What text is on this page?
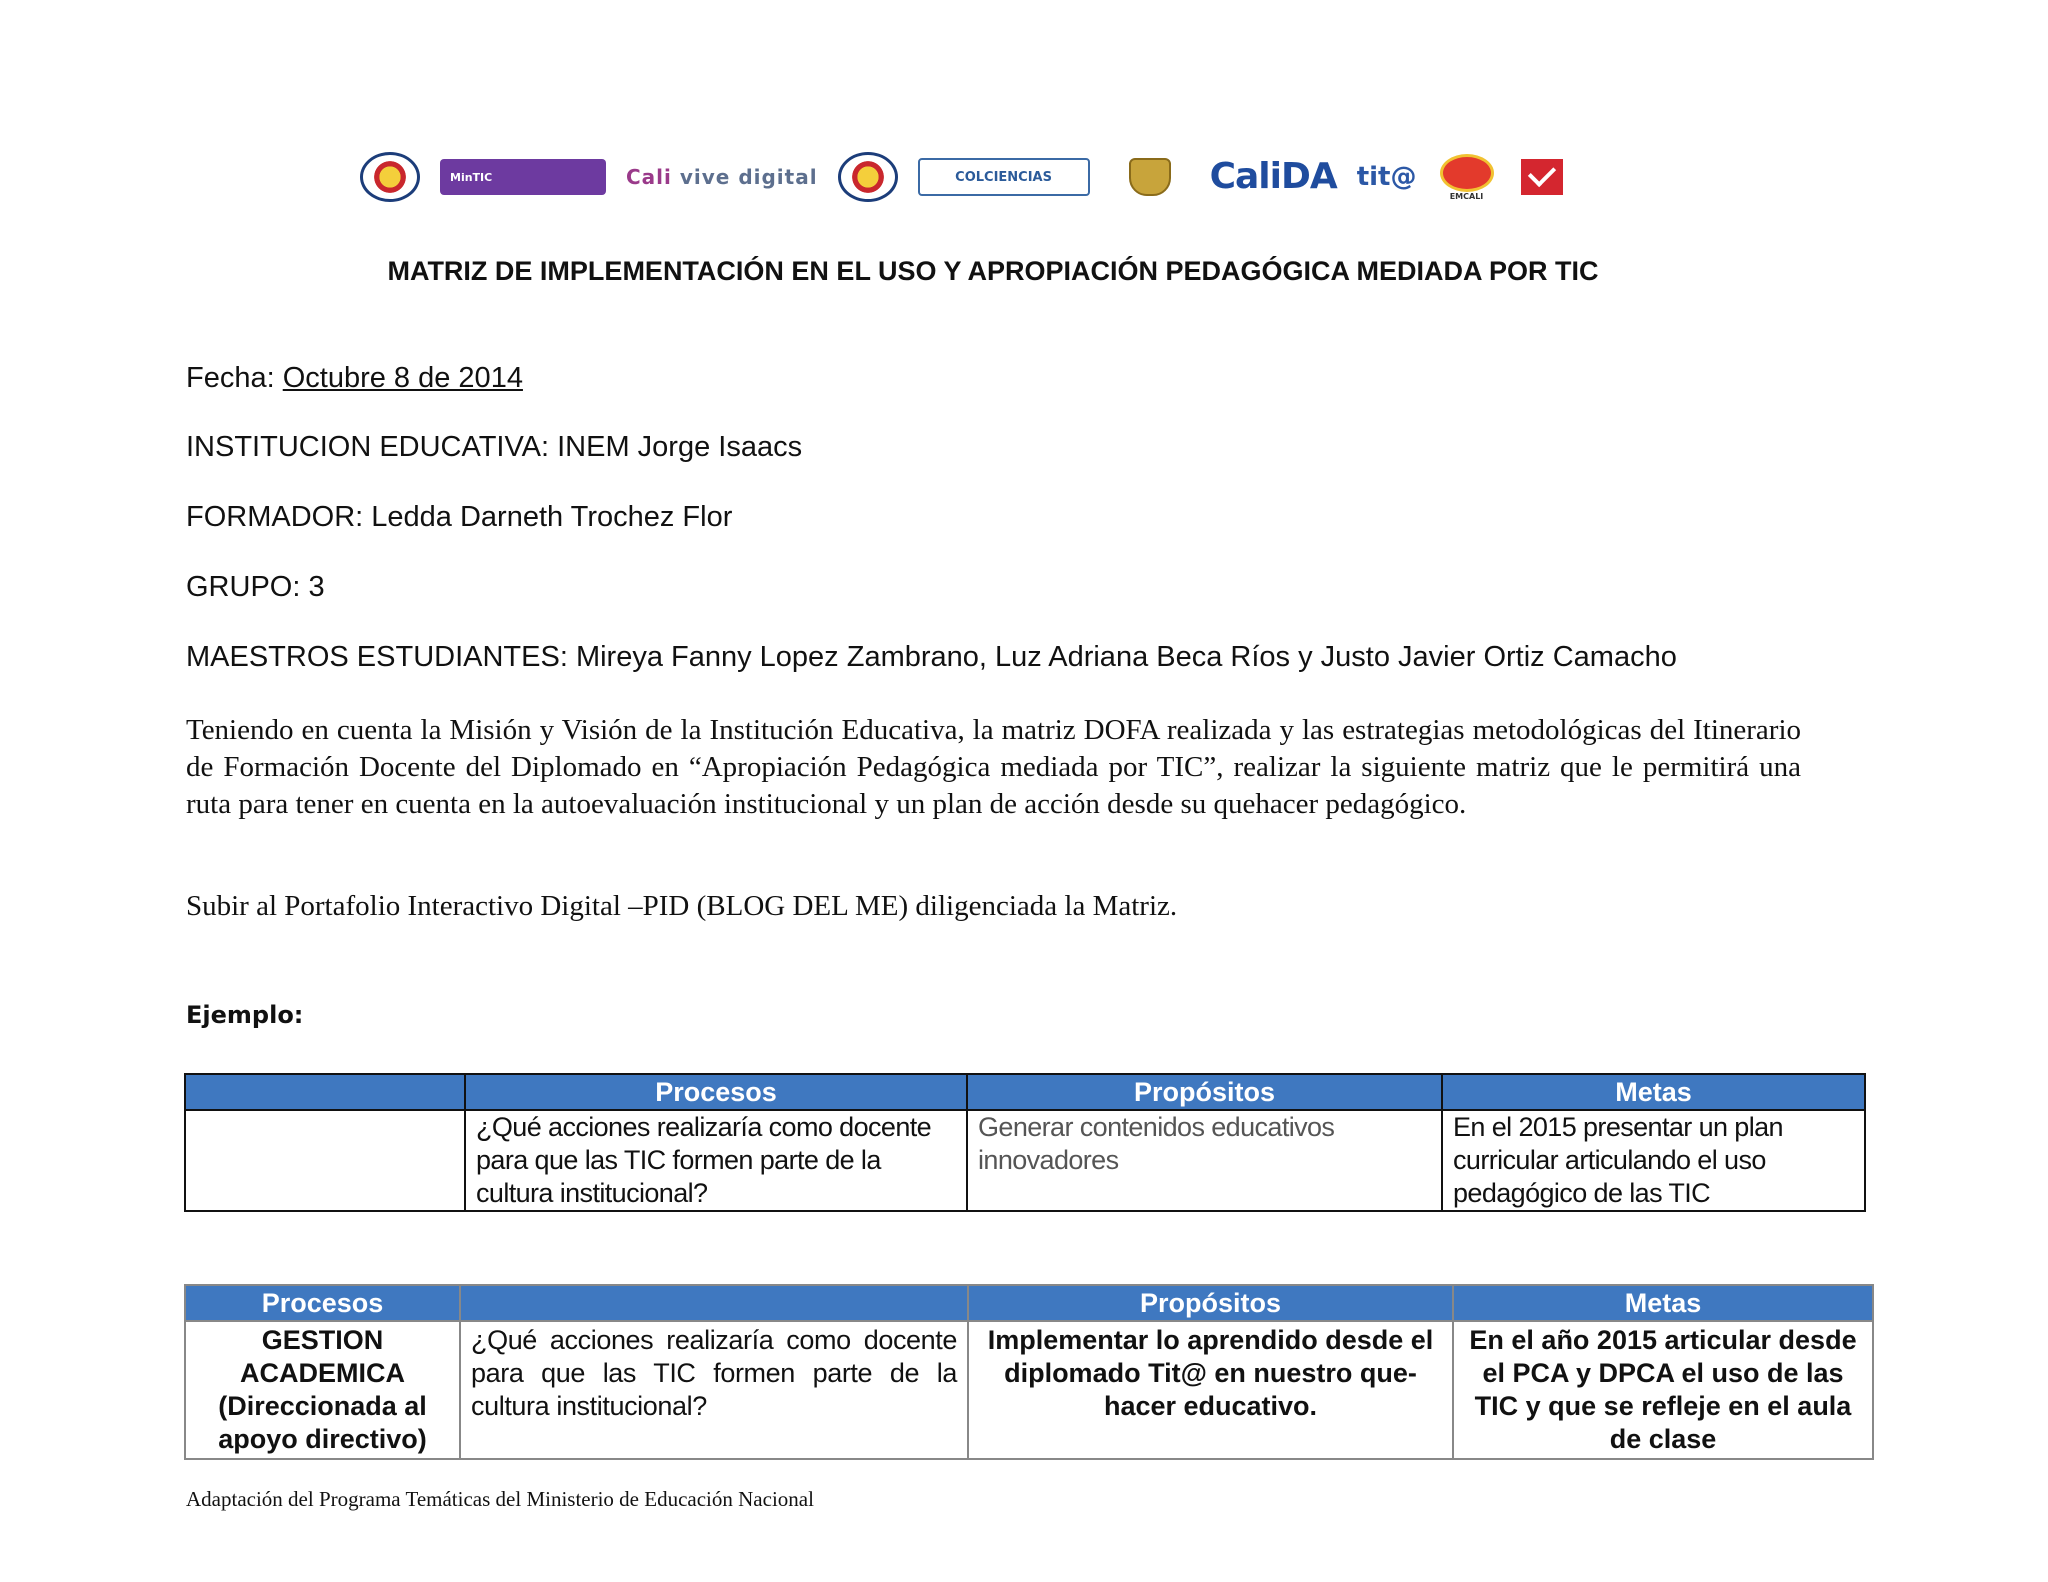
MinTIC	Cali
vive digital	COLCIENCIAS	CaliDA tit@
EMCALI
MATRIZ DE IMPLEMENTACIÓN EN EL USO Y APROPIACIÓN PEDAGÓGICA MEDIADA POR TIC
Fecha: Octubre 8 de 2014
INSTITUCION EDUCATIVA: INEM Jorge Isaacs
FORMADOR: Ledda Darneth Trochez Flor
GRUPO: 3
MAESTROS ESTUDIANTES: Mireya Fanny Lopez Zambrano, Luz Adriana Beca Ríos y Justo Javier Ortiz Camacho
Teniendo en cuenta la Misión y Visión de la Institución Educativa, la matriz DOFA realizada y las estrategias metodológicas del Itinerario de Formación Docente del Diplomado en “Apropiación Pedagógica mediada por TIC”, realizar la siguiente matriz que le permitirá una ruta para tener en cuenta en la autoevaluación institucional y un plan de acción desde su quehacer pedagógico.
Subir al Portafolio Interactivo Digital –PID (BLOG DEL ME) diligenciada la Matriz.
Ejemplo:
	Procesos	Propósitos	Metas
	¿Qué acciones realizaría como docente para que las TIC formen parte de la cultura institucional?	Generar contenidos educativos innovadores	En el 2015 presentar un plan curricular articulando el uso pedagógico de las TIC
Procesos		Propósitos	Metas
GESTION ACADEMICA (Direccionada al apoyo directivo)	¿Qué acciones realizaría como docente para que las TIC formen parte de la cultura institucional?	Implementar lo aprendido desde el diplomado Tit@ en nuestro que-hacer educativo.	En el año 2015 articular desde el PCA y DPCA el uso de las TIC y que se refleje en el aula de clase
Adaptación del Programa Temáticas del Ministerio de Educación Nacional
